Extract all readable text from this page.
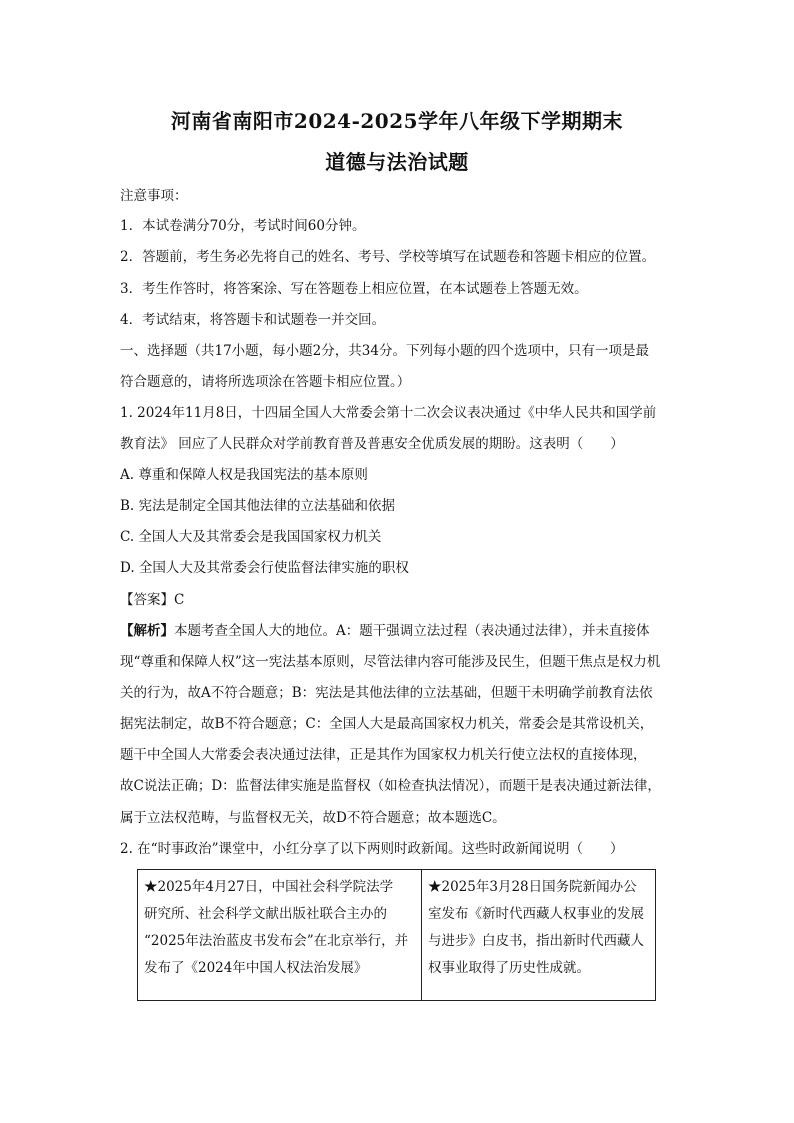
河南省南阳市2024-2025学年八年级下学期期末
道德与法治试题
注意事项：
1．本试卷满分70分，考试时间60分钟。
2．答题前，考生务必先将自己的姓名、考号、学校等填写在试题卷和答题卡相应的位置。
3．考生作答时，将答案涂、写在答题卷上相应位置，在本试题卷上答题无效。
4．考试结束，将答题卡和试题卷一并交回。
一、选择题（共17小题，每小题2分，共34分。下列每小题的四个选项中，只有一项是最
符合题意的，请将所选项涂在答题卡相应位置。）
1. 2024年11月8日，十四届全国人大常委会第十二次会议表决通过《中华人民共和国学前
教育法》 回应了人民群众对学前教育普及普惠安全优质发展的期盼。这表明（　　）
A. 尊重和保障人权是我国宪法的基本原则
B. 宪法是制定全国其他法律的立法基础和依据
C. 全国人大及其常委会是我国国家权力机关
D. 全国人大及其常委会行使监督法律实施的职权
【答案】C
【解析】本题考查全国人大的地位。A：题干强调立法过程（表决通过法律），并未直接体
现“尊重和保障人权”这一宪法基本原则，尽管法律内容可能涉及民生，但题干焦点是权力机
关的行为，故A不符合题意；B：宪法是其他法律的立法基础，但题干未明确学前教育法依
据宪法制定，故B不符合题意；C：全国人大是最高国家权力机关，常委会是其常设机关，
题干中全国人大常委会表决通过法律，正是其作为国家权力机关行使立法权的直接体现，
故C说法正确；D：监督法律实施是监督权（如检查执法情况），而题干是表决通过新法律，
属于立法权范畴，与监督权无关，故D不符合题意；故本题选C。
2. 在“时事政治”课堂中，小红分享了以下两则时政新闻。这些时政新闻说明（　　）
★2025年4月27日，中国社会科学院法学
研究所、社会科学文献出版社联合主办的
“2025年法治蓝皮书发布会”在北京举行，并
发布了《2024年中国人权法治发展》

★2025年3月28日国务院新闻办公
室发布《新时代西藏人权事业的发展
与进步》白皮书，指出新时代西藏人
权事业取得了历史性成就。
